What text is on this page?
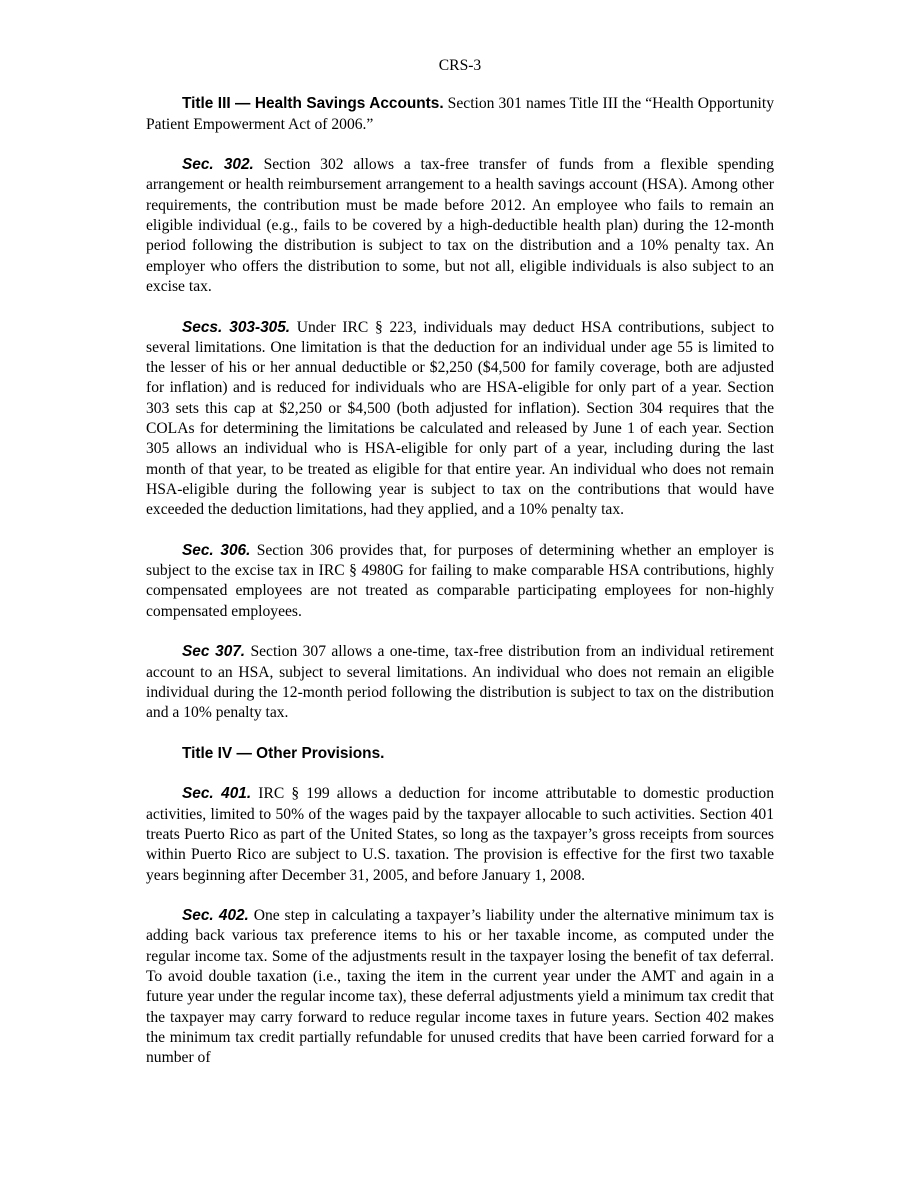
CRS-3

Title III — Health Savings Accounts. Section 301 names Title III the “Health Opportunity Patient Empowerment Act of 2006.”

Sec. 302. Section 302 allows a tax-free transfer of funds from a flexible spending arrangement or health reimbursement arrangement to a health savings account (HSA). Among other requirements, the contribution must be made before 2012. An employee who fails to remain an eligible individual (e.g., fails to be covered by a high-deductible health plan) during the 12-month period following the distribution is subject to tax on the distribution and a 10% penalty tax. An employer who offers the distribution to some, but not all, eligible individuals is also subject to an excise tax.

Secs. 303-305. Under IRC § 223, individuals may deduct HSA contributions, subject to several limitations. One limitation is that the deduction for an individual under age 55 is limited to the lesser of his or her annual deductible or $2,250 ($4,500 for family coverage, both are adjusted for inflation) and is reduced for individuals who are HSA-eligible for only part of a year. Section 303 sets this cap at $2,250 or $4,500 (both adjusted for inflation). Section 304 requires that the COLAs for determining the limitations be calculated and released by June 1 of each year. Section 305 allows an individual who is HSA-eligible for only part of a year, including during the last month of that year, to be treated as eligible for that entire year. An individual who does not remain HSA-eligible during the following year is subject to tax on the contributions that would have exceeded the deduction limitations, had they applied, and a 10% penalty tax.

Sec. 306. Section 306 provides that, for purposes of determining whether an employer is subject to the excise tax in IRC § 4980G for failing to make comparable HSA contributions, highly compensated employees are not treated as comparable participating employees for non-highly compensated employees.

Sec 307. Section 307 allows a one-time, tax-free distribution from an individual retirement account to an HSA, subject to several limitations. An individual who does not remain an eligible individual during the 12-month period following the distribution is subject to tax on the distribution and a 10% penalty tax.

Title IV — Other Provisions.

Sec. 401. IRC § 199 allows a deduction for income attributable to domestic production activities, limited to 50% of the wages paid by the taxpayer allocable to such activities. Section 401 treats Puerto Rico as part of the United States, so long as the taxpayer’s gross receipts from sources within Puerto Rico are subject to U.S. taxation. The provision is effective for the first two taxable years beginning after December 31, 2005, and before January 1, 2008.

Sec. 402. One step in calculating a taxpayer’s liability under the alternative minimum tax is adding back various tax preference items to his or her taxable income, as computed under the regular income tax. Some of the adjustments result in the taxpayer losing the benefit of tax deferral. To avoid double taxation (i.e., taxing the item in the current year under the AMT and again in a future year under the regular income tax), these deferral adjustments yield a minimum tax credit that the taxpayer may carry forward to reduce regular income taxes in future years. Section 402 makes the minimum tax credit partially refundable for unused credits that have been carried forward for a number of
